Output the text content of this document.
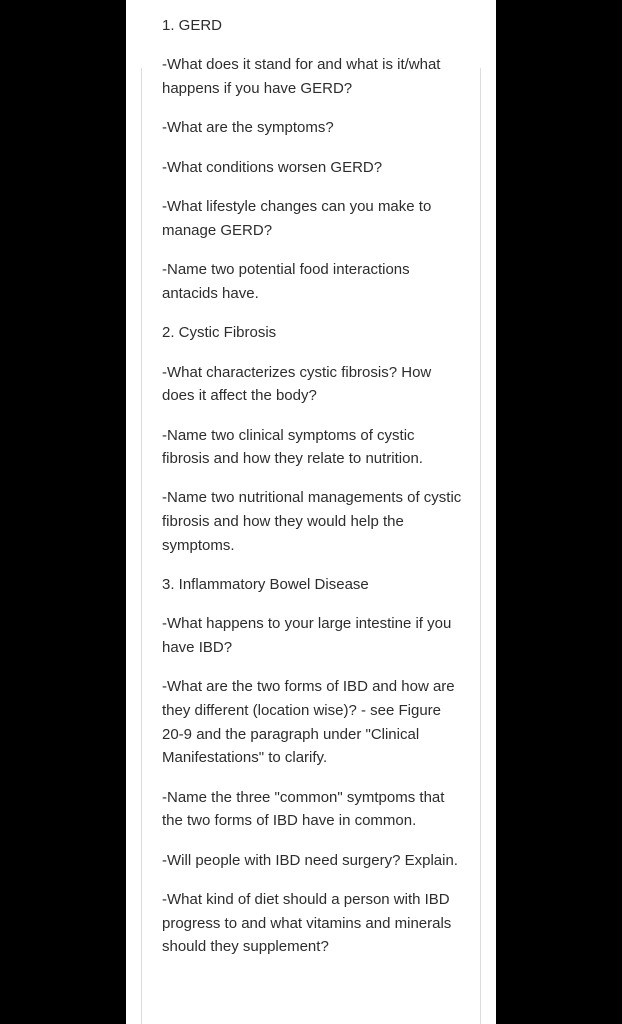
1. GERD

-What does it stand for and what is it/what happens if you have GERD?

-What are the symptoms?

-What conditions worsen GERD?

-What lifestyle changes can you make to manage GERD?

-Name two potential food interactions antacids have.

2. Cystic Fibrosis

-What characterizes cystic fibrosis? How does it affect the body?

-Name two clinical symptoms of cystic fibrosis and how they relate to nutrition.

-Name two nutritional managements of cystic fibrosis and how they would help the symptoms.

3. Inflammatory Bowel Disease

-What happens to your large intestine if you have IBD?

-What are the two forms of IBD and how are they different (location wise)? - see Figure 20-9 and the paragraph under "Clinical Manifestations" to clarify.

-Name the three "common" symtpoms that the two forms of IBD have in common.

-Will people with IBD need surgery? Explain.

-What kind of diet should a person with IBD progress to and what vitamins and minerals should they supplement?
